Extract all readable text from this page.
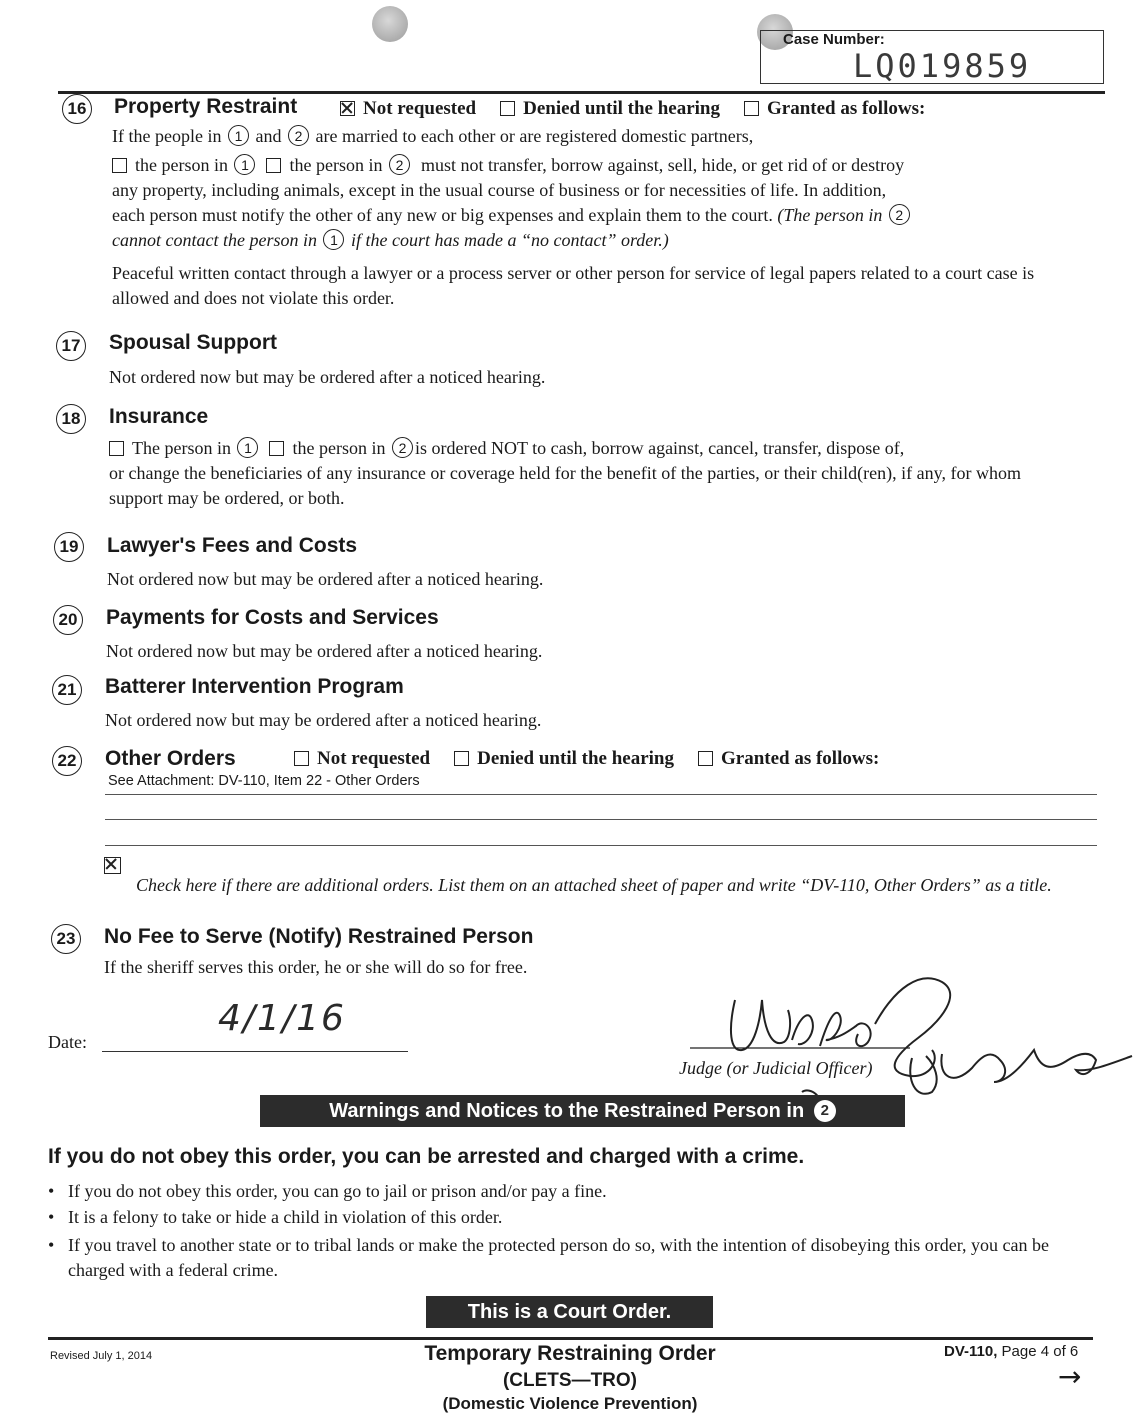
Case Number:
LQ019859
16 Property Restraint	Not requested Denied until the hearing Granted as follows:
If the people in 1 and 2 are married to each other or are registered domestic partners,
the person in 1 the person in 2 must not transfer, borrow against, sell, hide, or get rid of or destroy
any property, including animals, except in the usual course of business or for necessities of life. In addition,
each person must notify the other of any new or big expenses and explain them to the court. (The person in 2
cannot contact the person in 1 if the court has made a “no contact” order.)
Peaceful written contact through a lawyer or a process server or other person for service of legal papers related to a court case is allowed and does not violate this order.
17 Spousal Support
Not ordered now but may be ordered after a noticed hearing.
18 Insurance
The person in 1 the person in 2 is ordered NOT to cash, borrow against, cancel, transfer, dispose of,
or change the beneficiaries of any insurance or coverage held for the benefit of the parties, or their child(ren), if any, for whom support may be ordered, or both.
19 Lawyer's Fees and Costs
Not ordered now but may be ordered after a noticed hearing.
20 Payments for Costs and Services
Not ordered now but may be ordered after a noticed hearing.
21 Batterer Intervention Program
Not ordered now but may be ordered after a noticed hearing.
22 Other Orders	Not requested Denied until the hearing Granted as follows:
See Attachment: DV-110, Item 22 - Other Orders
Check here if there are additional orders. List them on an attached sheet of paper and write “DV-110, Other Orders” as a title.
23 No Fee to Serve (Notify) Restrained Person
If the sheriff serves this order, he or she will do so for free.
Date:
4/1/16
Judge (or Judicial Officer)
Warnings and Notices to the Restrained Person in 2
If you do not obey this order, you can be arrested and charged with a crime.
• If you do not obey this order, you can go to jail or prison and/or pay a fine.
• It is a felony to take or hide a child in violation of this order.
• If you travel to another state or to tribal lands or make the protected person do so, with the intention of disobeying this order, you can be charged with a federal crime.
This is a Court Order.
Revised July 1, 2014	Temporary Restraining Order
(CLETS—TRO)
(Domestic Violence Prevention)
DV-110, Page 4 of 6
→
